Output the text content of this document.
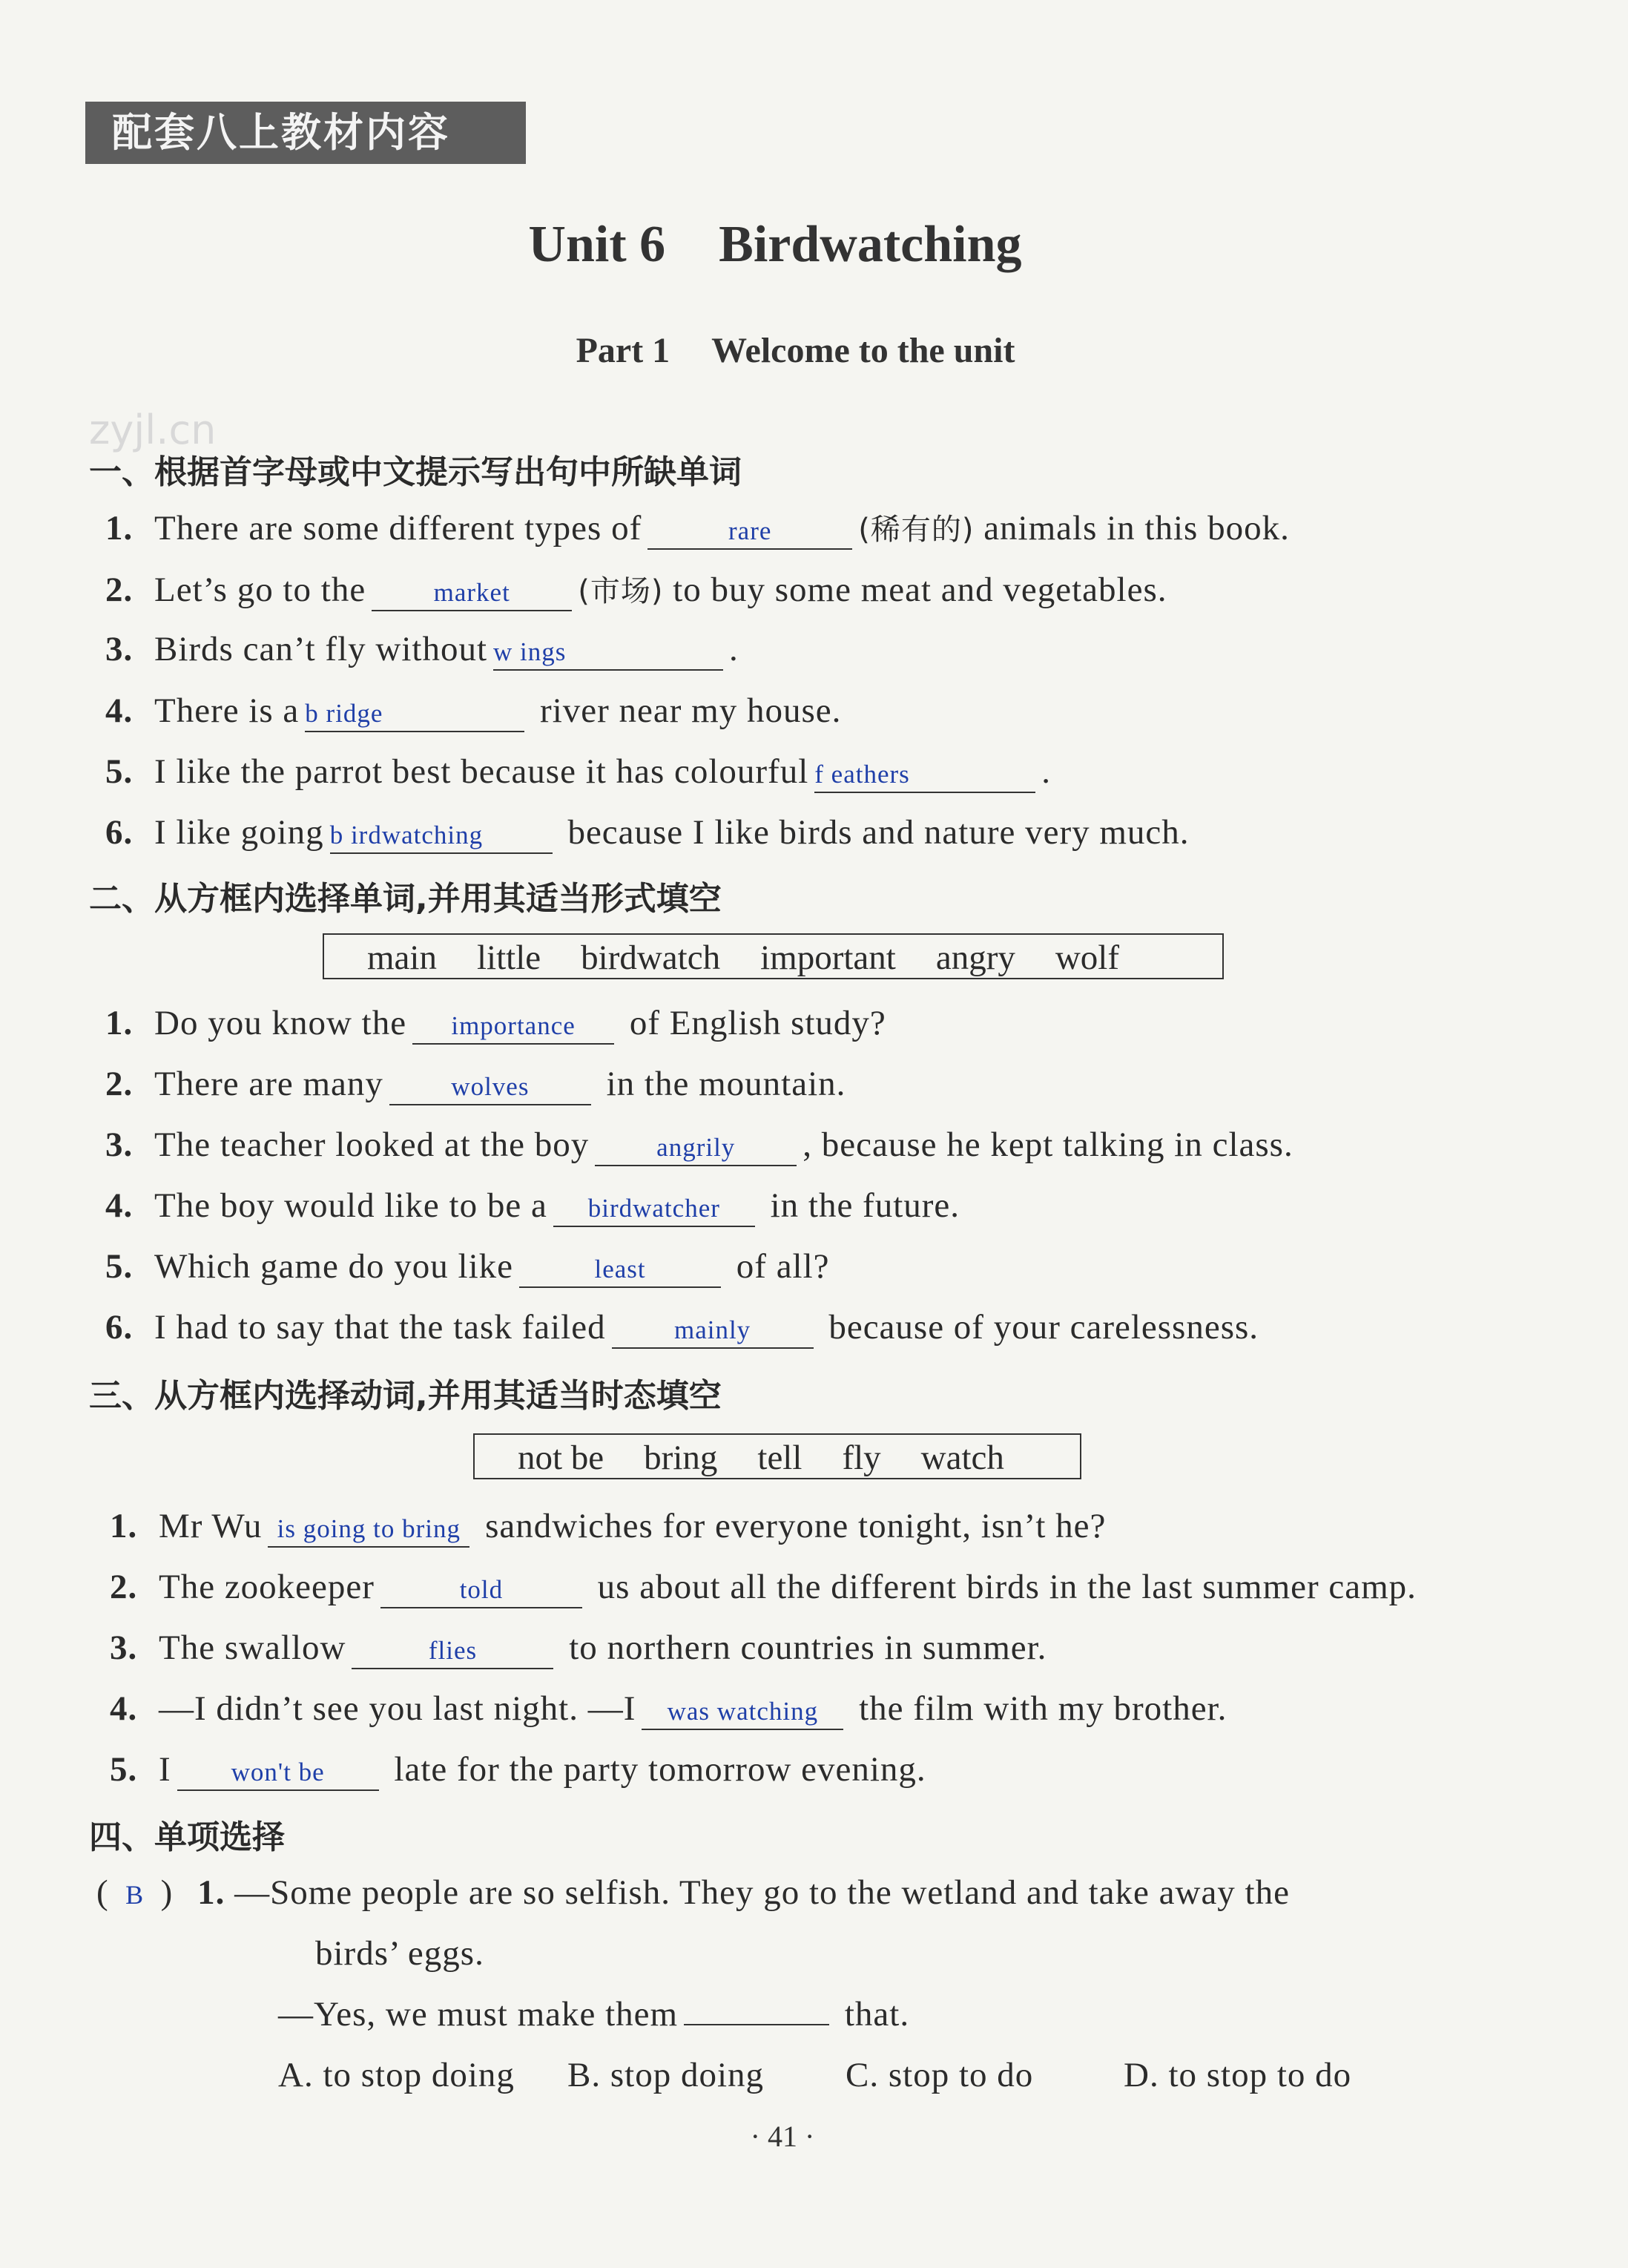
配套八上教材内容
Unit 6 Birdwatching
Part 1 Welcome to the unit
zyjl.cn
一、根据首字母或中文提示写出句中所缺单词
1. There are some different types of	rare	(稀有的) animals in this book.
2. Let’s go to the	market (市场) to buy some meat and vegetables.
3. Birds can’t fly without w ings	.
4. There is a b ridge	river near my house.
5. I like the parrot best because it has colourful f eathers	.
6. I like going b irdwatching because I like birds and nature very much.
二、从方框内选择单词,并用其适当形式填空
main little birdwatch important angry wolf
1. Do you know the importance of English study?
2. There are many	wolves in the mountain.
3. The teacher looked at the boy	angrily , because he kept talking in class.
4. The boy would like to be a birdwatcher in the future.
5. Which game do you like	least of all?
6. I had to say that the task failed	mainly because of your carelessness.
三、从方框内选择动词,并用其适当时态填空
not be bring tell fly watch
1. Mr Wu is going to bring sandwiches for everyone tonight, isn’t he?
2. The zookeeper	told us about all the different birds in the last summer camp.
3. The swallow	flies to northern countries in summer.
4. —I didn’t see you last night. —I was watching the film with my brother.
5. I won't be late for the party tomorrow evening.
四、单项选择
( B ) 1. —Some people are so selfish. They go to the wetland and take away the
birds’ eggs.
—Yes, we must make them	that.
A. to stop doing B. stop doing C. stop to do	D. to stop to do
· 41 ·
